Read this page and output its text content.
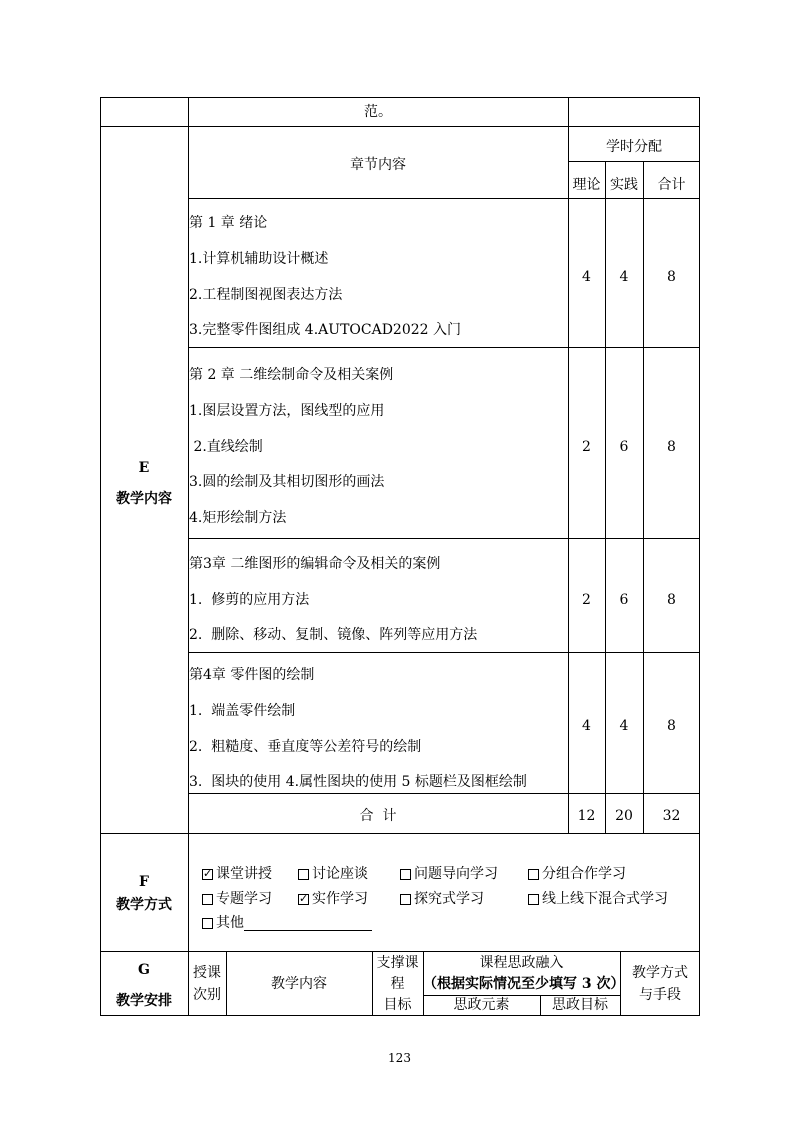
范。
E
教学内容
章节内容
学时分配
理论 实践	合计
第 1 章 绪论
1.计算机辅助设计概述
2.工程制图视图表达方法
3.完整零件图组成 4.AUTOCAD2022 入门
4	4	8
第 2 章 二维绘制命令及相关案例
1.图层设置方法，图线型的应用
2.直线绘制
3.圆的绘制及其相切图形的画法
4.矩形绘制方法
2	6	8
第3章 二维图形的编辑命令及相关的案例
1.  修剪的应用方法
2.  删除、移动、复制、镜像、阵列等应用方法
2	6	8
第4章 零件图的绘制
1.  端盖零件绘制
2.  粗糙度、垂直度等公差符号的绘制
3.  图块的使用 4.属性图块的使用 5 标题栏及图框绘制
4	4	8
合  计	12	20	32
F
教学方式
✓
课堂讲授	讨论座谈	问题导向学习	分组合作学习
专题学习
✓	实作学习	探究式学习	线上线下混合式学习
其他
G
教学安排
授课
次别
教学内容
支撑课
程
目标
课程思政融入
（根据实际情况至少填写 3 次）
思政元素	思政目标
教学方式
与手段
123
